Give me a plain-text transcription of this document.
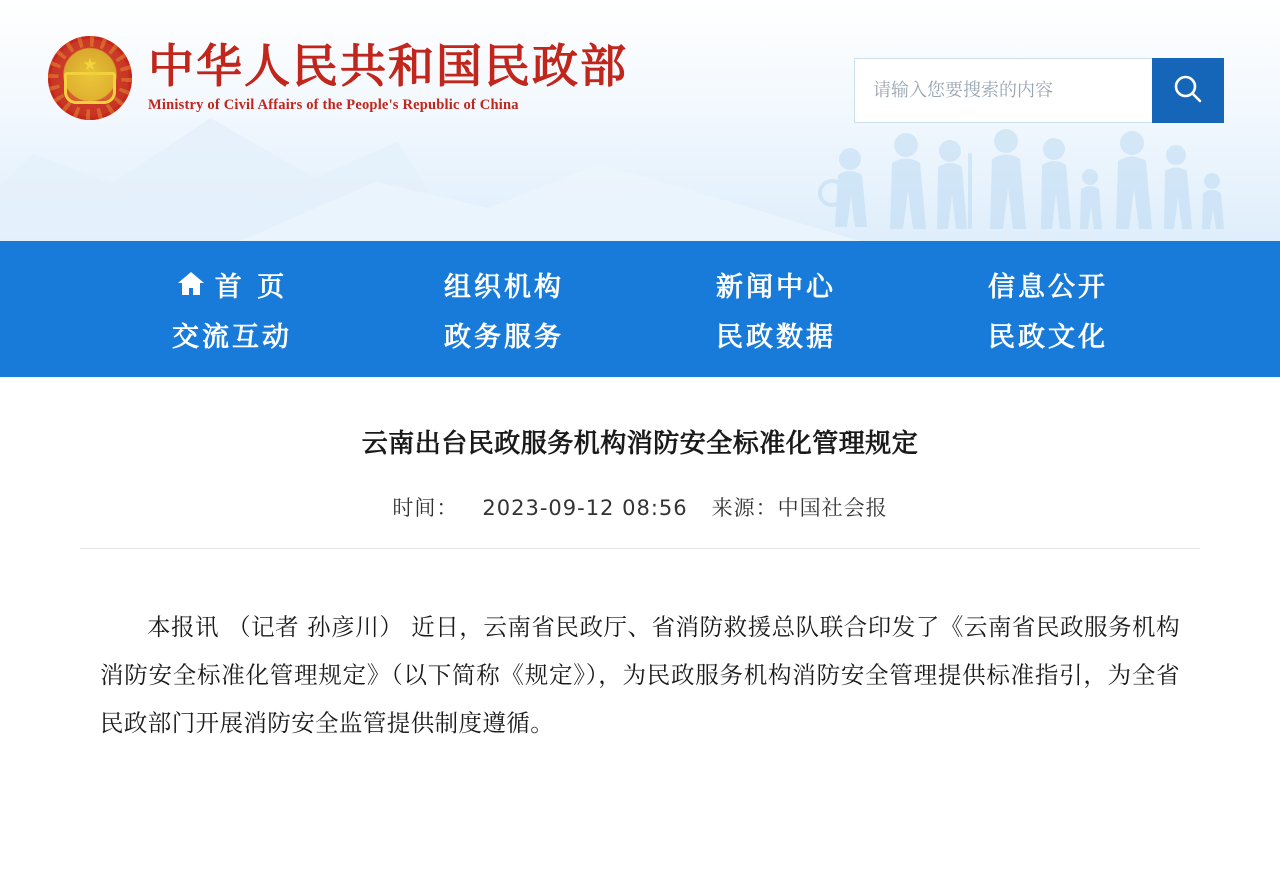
★
中华人民共和国民政部
Ministry of Civil Affairs of the People's Republic of China
请输入您要搜索的内容
首 页	组织机构	新闻中心	信息公开
交流互动	政务服务	民政数据	民政文化
云南出台民政服务机构消防安全标准化管理规定
时间： 2023-09-12 08:56 来源：中国社会报

本报讯 （记者 孙彦川） 近日，云南省民政厅、省消防救援总队联合印发了《云南省民政服务机构消防安全标准化管理规定》（以下简称《规定》），为民政服务机构消防安全管理提供标准指引，为全省民政部门开展消防安全监管提供制度遵循。
